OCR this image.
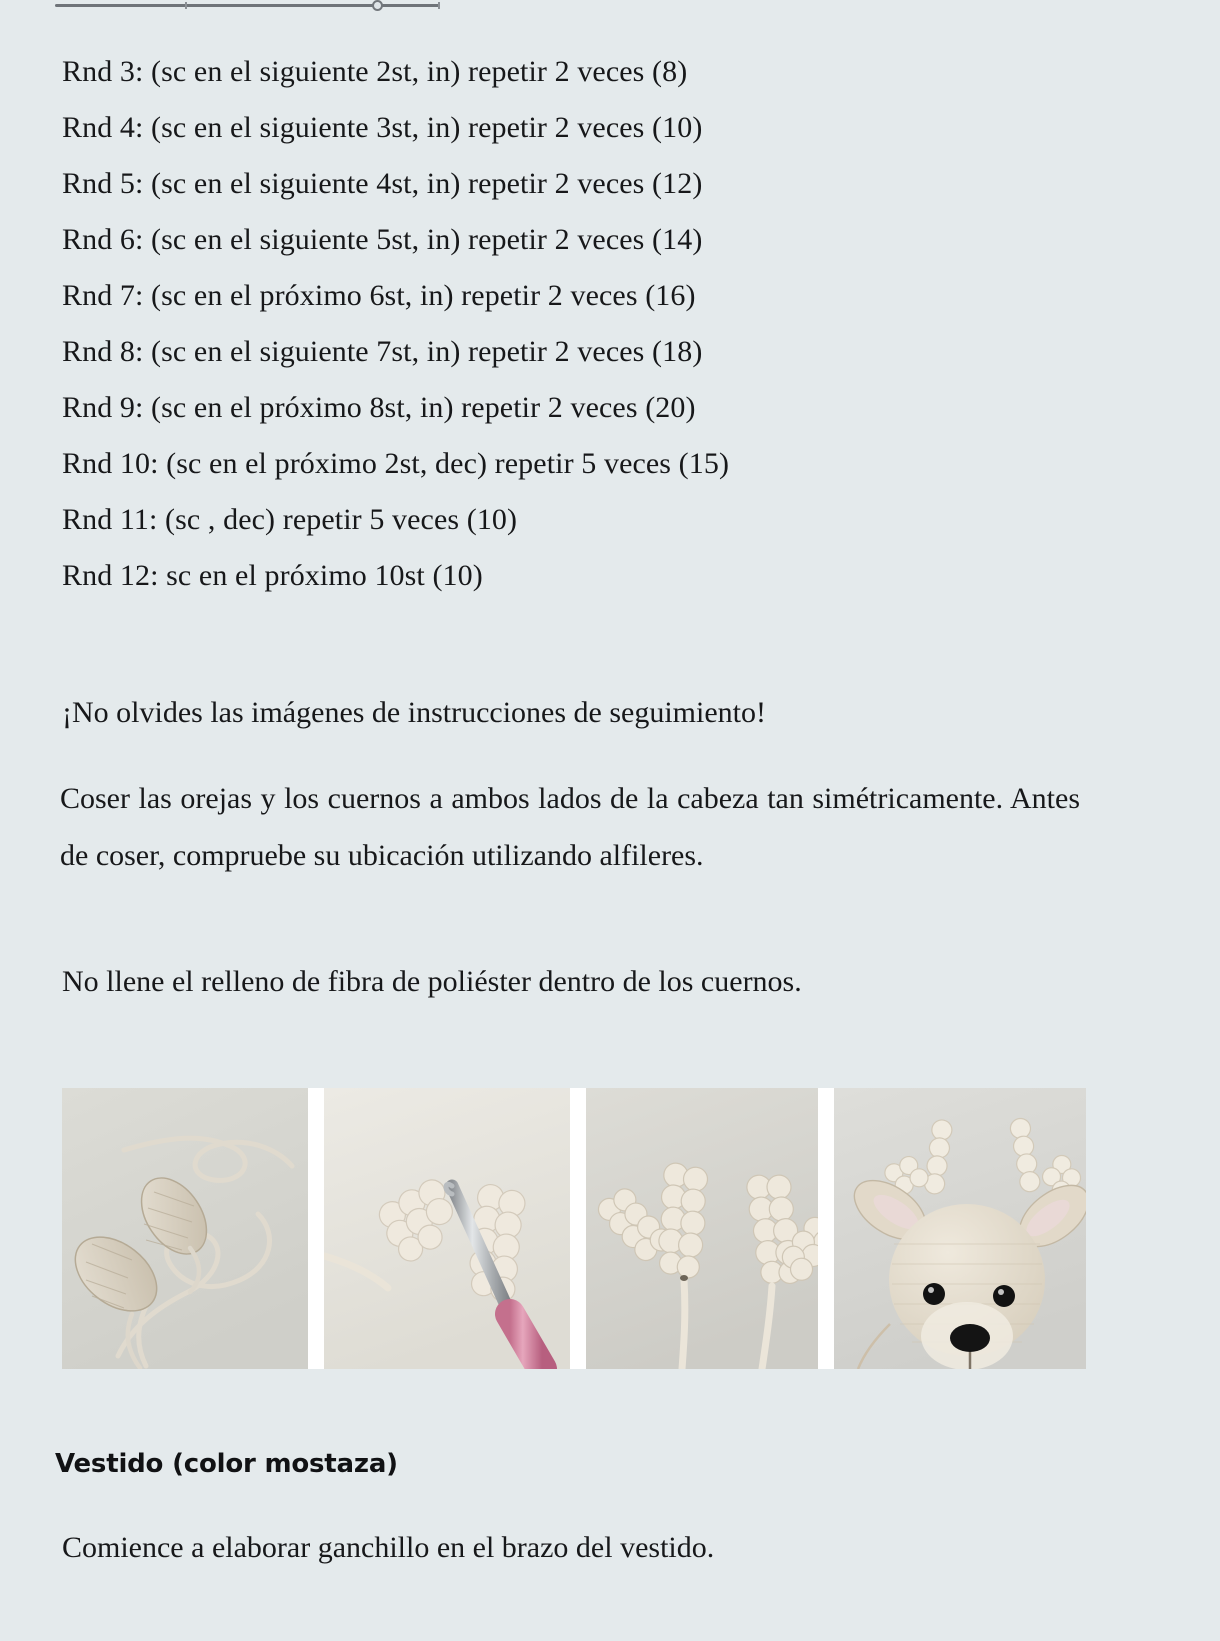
Rnd 3: (sc en el siguiente 2st, in) repetir 2 veces (8)
Rnd 4: (sc en el siguiente 3st, in) repetir 2 veces (10)
Rnd 5: (sc en el siguiente 4st, in) repetir 2 veces (12)
Rnd 6: (sc en el siguiente 5st, in) repetir 2 veces (14)
Rnd 7: (sc en el próximo 6st, in) repetir 2 veces (16)
Rnd 8: (sc en el siguiente 7st, in) repetir 2 veces (18)
Rnd 9: (sc en el próximo 8st, in) repetir 2 veces (20)
Rnd 10: (sc en el próximo 2st, dec) repetir 5 veces (15)
Rnd 11: (sc , dec) repetir 5 veces (10)
Rnd 12: sc en el próximo 10st (10)

¡No olvides las imágenes de instrucciones de seguimiento!

Coser las orejas y los cuernos a ambos lados de la cabeza tan simétricamente. Antes de coser, compruebe su ubicación utilizando alfileres.

No llene el relleno de fibra de poliéster dentro de los cuernos.

Vestido (color mostaza)

Comience a elaborar ganchillo en el brazo del vestido.
